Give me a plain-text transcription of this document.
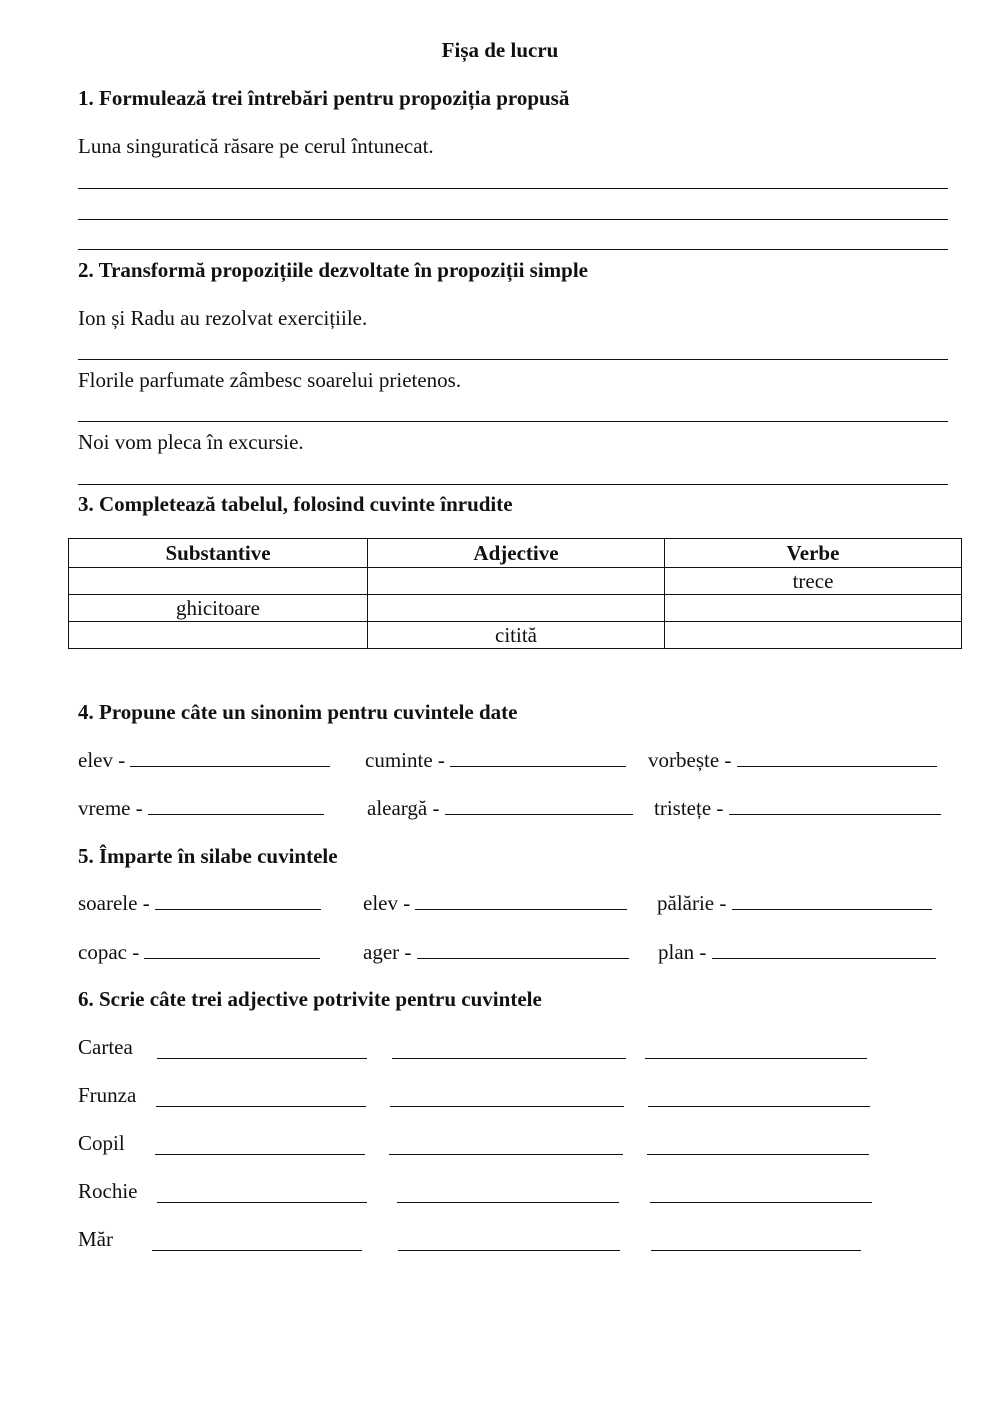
Fișa de lucru
1. Formulează trei întrebări pentru propoziția propusă
Luna singuratică răsare pe cerul întunecat.
2. Transformă propozițiile dezvoltate în propoziții simple
Ion și Radu au rezolvat exercițiile.
Florile parfumate zâmbesc soarelui prietenos.
Noi vom pleca în excursie.
3. Completează tabelul, folosind cuvinte înrudite
Substantive	Adjective	Verbe
		trece
ghicitoare		
	citită	
4. Propune câte un sinonim pentru cuvintele date
elev -	cuminte -	vorbește -
vreme -	aleargă -	tristețe -
5. Împarte în silabe cuvintele
soarele -	elev -	pălărie -
copac -	ager -	plan -
6. Scrie câte trei adjective potrivite pentru cuvintele
Cartea
Frunza
Copil
Rochie
Măr
